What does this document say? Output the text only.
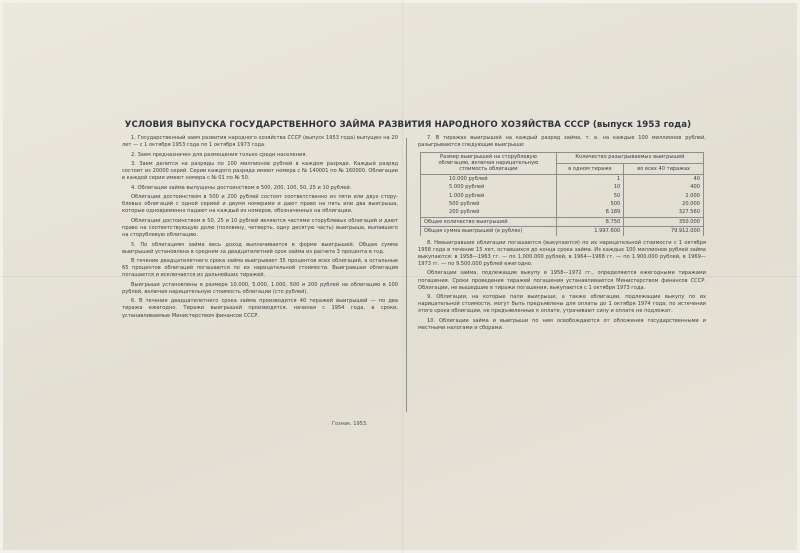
УСЛОВИЯ ВЫПУСКА ГОСУДАРСТВЕННОГО ЗАЙМА РАЗВИТИЯ НАРОДНОГО ХОЗЯЙСТВА СССР (выпуск 1953 года)

1. Государственный заем развития народного хозяйства СССР (выпуск 1953 года) выпущен на 20 лет — с 1 октября 1953 года по 1 октября 1973 года.

2. Заем предназначен для размещения только среди населения.

3. Заем делится на разряды по 100 миллионов рублей в каждом разряде. Каждый разряд состоит из 20000 серий. Серии каждого разряда имеют номера с № 140001 по № 160000. Облигации в каждой серии имеют номера с № 01 по № 50.

4. Облигации займа выпущены достоинством в 500, 200, 100, 50, 25 и 10 рублей.

Облигации достоинством в 500 и 200 рублей состоят соответственно из пяти или двух сторублевых облигаций с одной серией и двумя номерами и дают право на пять или два выигрыша, которые одновременно падают на каждый из номеров, обозначенных на облигации.

Облигации достоинством в 50, 25 и 10 рублей являются частями сторублевых облигаций и дают право на соответствующую долю (половину, четверть, одну десятую часть) выигрыша, выпавшего на сторублевую облигацию.

5. По облигациям займа весь доход выплачивается в форме выигрышей. Общая сумма выигрышей установлена в среднем за двадцатилетний срок займа из расчета 3 процента в год.

В течение двадцатилетнего срока займа выигрывает 35 процентов всех облигаций, а остальные 65 процентов облигаций погашаются по их нарицательной стоимости. Выигравшая облигация погашается и исключается из дальнейших тиражей.

Выигрыши установлены в размере 10.000, 5.000, 1.000, 500 и 200 рублей на облигацию в 100 рублей, включая нарицательную стоимость облигации (сто рублей).

6. В течение двадцатилетнего срока займа производится 40 тиражей выигрышей — по два тиража ежегодно. Тиражи выигрышей производятся, начиная с 1954 года, в сроки, устанавливаемые Министерством финансов СССР.

7. В тиражах выигрышей на каждый разряд займа, т. е. на каждые 100 миллионов рублей, разыгрываются следующие выигрыши:

Размер выигрышей на сторублевую облигацию, включая нарицательную стоимость облигации	Количество разыгрываемых выигрышей	
	в одном тираже	во всех 40 тиражах
10.000 рублей	1	40
5.000 рублей	10	400
1.000 рублей	50	2.000
500 рублей	500	20.000
200 рублей	8.189	327.560
Общее количество выигрышей	8.750	350.000
Общая сумма выигрышей (в рублях)	1.997.600	79.912.000

8. Невыигравшие облигации погашаются (выкупаются) по их нарицательной стоимости с 1 октября 1958 года в течение 15 лет, оставшихся до конца срока займа. Из каждых 100 миллионов рублей займа выкупаются: в 1958—1963 гг. — по 1.000.000 рублей, в 1964—1968 гг. — по 1.900.000 рублей, в 1969—1973 гг. — по 9.500.000 рублей ежегодно.

Облигации займа, подлежащие выкупу в 1958—1972 гг., определяются ежегодными тиражами погашения. Сроки проведения тиражей погашения устанавливаются Министерством финансов СССР. Облигации, не вышедшие в тиражи погашения, выкупаются с 1 октября 1973 года.

9. Облигации, на которые пали выигрыши, а также облигации, подлежащие выкупу по их нарицательной стоимости, могут быть предъявлены для оплаты до 1 октября 1974 года; по истечении этого срока облигации, не предъявленные к оплате, утрачивают силу и оплате не подлежат.

10. Облигации займа и выигрыши по ним освобождаются от обложения государственными и местными налогами и сборами.

Гознак. 1953.
